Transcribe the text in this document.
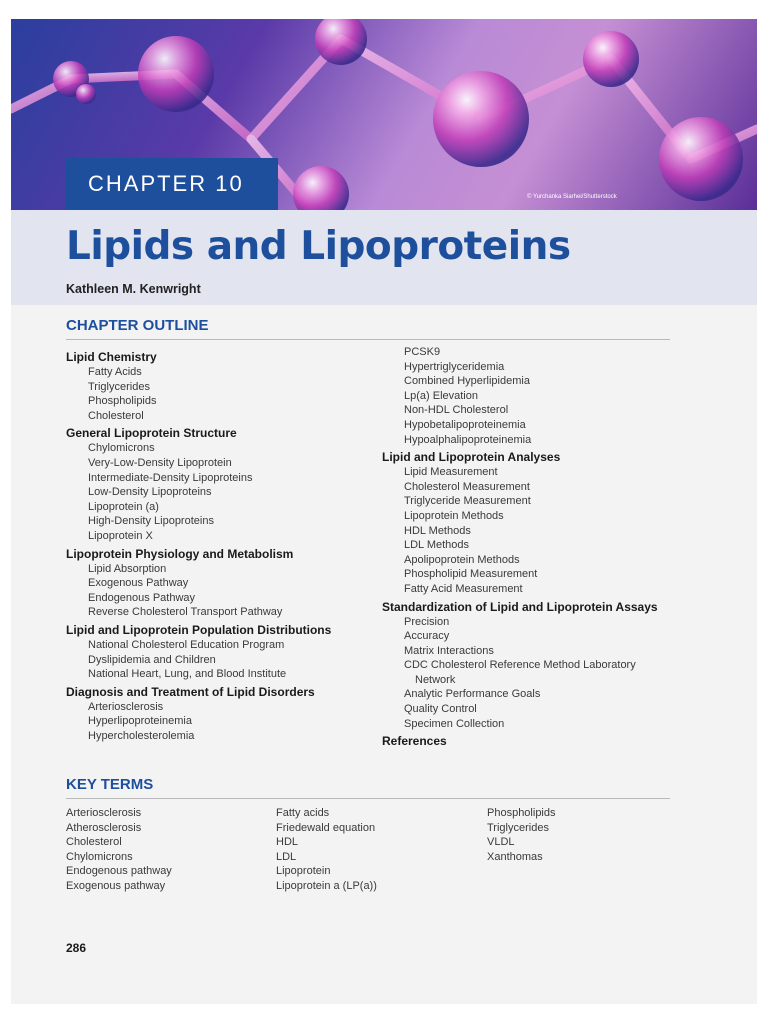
CHAPTER 10
© Yurchanka Siarhei/Shutterstock
Lipids and Lipoproteins
Kathleen M. Kenwright
CHAPTER OUTLINE
Lipid Chemistry
Fatty Acids
Triglycerides
Phospholipids
Cholesterol
General Lipoprotein Structure
Chylomicrons
Very-Low-Density Lipoprotein
Intermediate-Density Lipoproteins
Low-Density Lipoproteins
Lipoprotein (a)
High-Density Lipoproteins
Lipoprotein X
Lipoprotein Physiology and Metabolism
Lipid Absorption
Exogenous Pathway
Endogenous Pathway
Reverse Cholesterol Transport Pathway
Lipid and Lipoprotein Population Distributions
National Cholesterol Education Program
Dyslipidemia and Children
National Heart, Lung, and Blood Institute
Diagnosis and Treatment of Lipid Disorders
Arteriosclerosis
Hyperlipoproteinemia
Hypercholesterolemia
PCSK9
Hypertriglyceridemia
Combined Hyperlipidemia
Lp(a) Elevation
Non-HDL Cholesterol
Hypobetalipoproteinemia
Hypoalphalipoproteinemia
Lipid and Lipoprotein Analyses
Lipid Measurement
Cholesterol Measurement
Triglyceride Measurement
Lipoprotein Methods
HDL Methods
LDL Methods
Apolipoprotein Methods
Phospholipid Measurement
Fatty Acid Measurement
Standardization of Lipid and Lipoprotein Assays
Precision
Accuracy
Matrix Interactions
CDC Cholesterol Reference Method Laboratory
Network
Analytic Performance Goals
Quality Control
Specimen Collection
References
KEY TERMS
Arteriosclerosis
Atherosclerosis
Cholesterol
Chylomicrons
Endogenous pathway
Exogenous pathway
Fatty acids
Friedewald equation
HDL
LDL
Lipoprotein
Lipoprotein a (LP(a))
Phospholipids
Triglycerides
VLDL
Xanthomas
286
